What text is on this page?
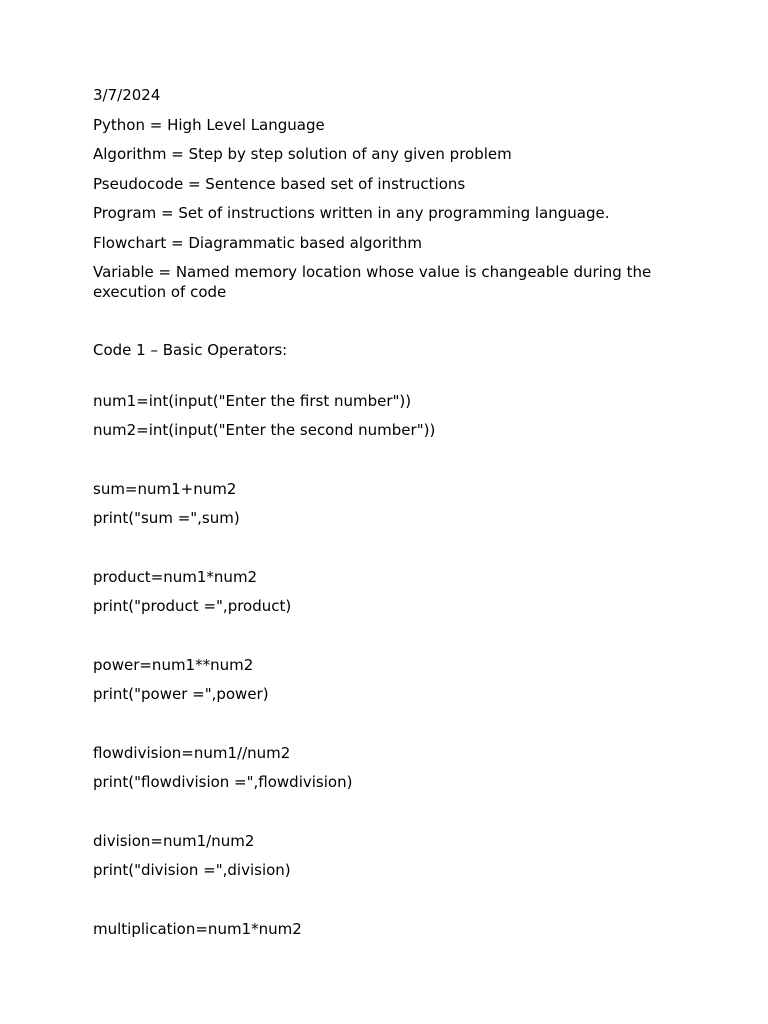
3/7/2024
Python = High Level Language
Algorithm = Step by step solution of any given problem
Pseudocode = Sentence based set of instructions
Program = Set of instructions written in any programming language.
Flowchart = Diagrammatic based algorithm
Variable = Named memory location whose value is changeable during the execution of code
Code 1 – Basic Operators:
num1=int(input("Enter the first number"))
num2=int(input("Enter the second number"))
sum=num1+num2
print("sum =",sum)
product=num1*num2
print("product =",product)
power=num1**num2
print("power =",power)
flowdivision=num1//num2
print("flowdivision =",flowdivision)
division=num1/num2
print("division =",division)
multiplication=num1*num2
